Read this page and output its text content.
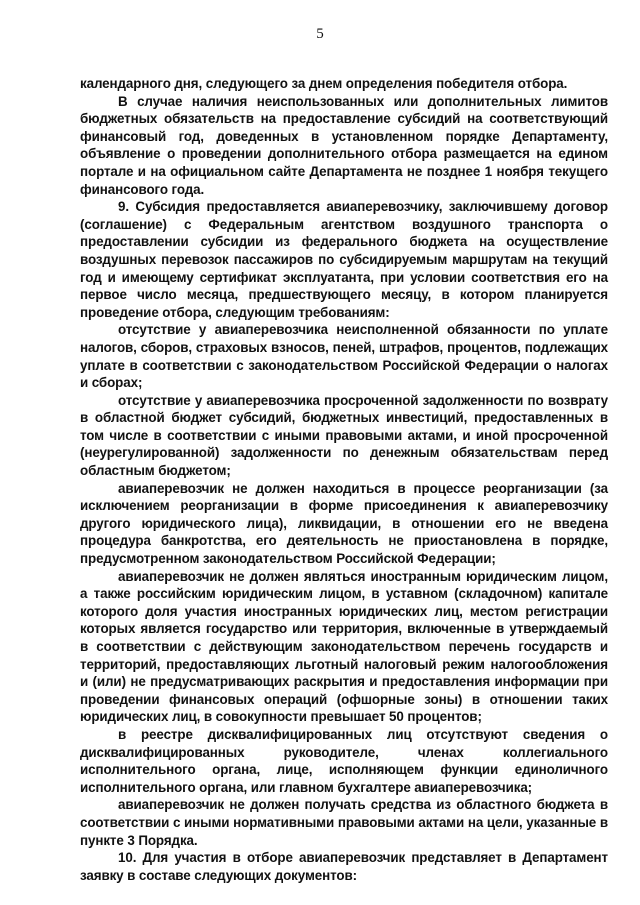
5

календарного дня, следующего за днем определения победителя отбора.

В случае наличия неиспользованных или дополнительных лимитов бюджетных обязательств на предоставление субсидий на соответствующий финансовый год, доведенных в установленном порядке Департаменту, объявление о проведении дополнительного отбора размещается на едином портале и на официальном сайте Департамента не позднее 1 ноября текущего финансового года.

9. Субсидия предоставляется авиаперевозчику, заключившему договор (соглашение) с Федеральным агентством воздушного транспорта о предоставлении субсидии из федерального бюджета на осуществление воздушных перевозок пассажиров по субсидируемым маршрутам на текущий год и имеющему сертификат эксплуатанта, при условии соответствия его на первое число месяца, предшествующего месяцу, в котором планируется проведение отбора, следующим требованиям:

отсутствие у авиаперевозчика неисполненной обязанности по уплате налогов, сборов, страховых взносов, пеней, штрафов, процентов, подлежащих уплате в соответствии с законодательством Российской Федерации о налогах и сборах;

отсутствие у авиаперевозчика просроченной задолженности по возврату в областной бюджет субсидий, бюджетных инвестиций, предоставленных в том числе в соответствии с иными правовыми актами, и иной просроченной (неурегулированной) задолженности по денежным обязательствам перед областным бюджетом;

авиаперевозчик не должен находиться в процессе реорганизации (за исключением реорганизации в форме присоединения к авиаперевозчику другого юридического лица), ликвидации, в отношении его не введена процедура банкротства, его деятельность не приостановлена в порядке, предусмотренном законодательством Российской Федерации;

авиаперевозчик не должен являться иностранным юридическим лицом, а также российским юридическим лицом, в уставном (складочном) капитале которого доля участия иностранных юридических лиц, местом регистрации которых является государство или территория, включенные в утверждаемый в соответствии с действующим законодательством перечень государств и территорий, предоставляющих льготный налоговый режим налогообложения и (или) не предусматривающих раскрытия и предоставления информации при проведении финансовых операций (офшорные зоны) в отношении таких юридических лиц, в совокупности превышает 50 процентов;

в реестре дисквалифицированных лиц отсутствуют сведения о дисквалифицированных руководителе, членах коллегиального исполнительного органа, лице, исполняющем функции единоличного исполнительного органа, или главном бухгалтере авиаперевозчика;

авиаперевозчик не должен получать средства из областного бюджета в соответствии с иными нормативными правовыми актами на цели, указанные в пункте 3 Порядка.

10. Для участия в отборе авиаперевозчик представляет в Департамент заявку в составе следующих документов:
